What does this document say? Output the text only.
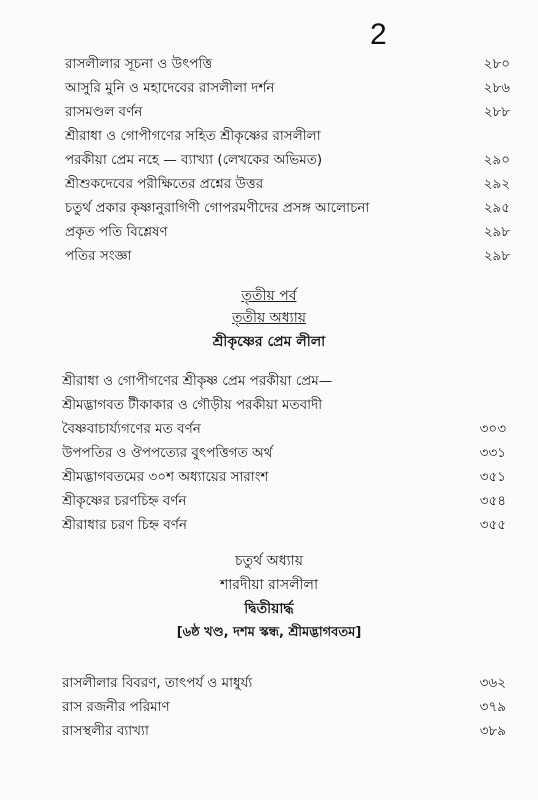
2
রাসলীলার সূচনা ও উৎপত্তি	২৮০
আসুরি মুনি ও মহাদেবের রাসলীলা দর্শন	২৮৬
রাসমণ্ডল বর্ণন	২৮৮
শ্রীরাধা ও গোপীগণের সহিত শ্রীকৃষ্ণের রাসলীলা
পরকীয়া প্রেম নহে — ব্যাখ্যা (লেখকের অভিমত)	২৯০
শ্রীশুকদেবের পরীক্ষিতের প্রশ্নের উত্তর	২৯২
চতুর্থ প্রকার কৃষ্ণানুরাগিণী গোপরমণীদের প্রসঙ্গ আলোচনা	২৯৫
প্রকৃত পতি বিশ্লেষণ	২৯৮
পতির সংজ্ঞা	২৯৮
তৃতীয় পর্ব
তৃতীয় অধ্যায়
শ্রীকৃষ্ণের প্রেম লীলা
শ্রীরাধা ও গোপীগণের শ্রীকৃষ্ণ প্রেম পরকীয়া প্রেম—
শ্রীমদ্ভাগবত টীকাকার ও গৌড়ীয় পরকীয়া মতবাদী
বৈষ্ণবাচার্য্যগণের মত বর্ণন	৩০৩
উপপতির ও ঔপপত্যের বুৎপত্তিগত অর্থ	৩৩১
শ্রীমদ্ভাগবতমের ৩০শ অধ্যায়ের সারাংশ	৩৫১
শ্রীকৃষ্ণের চরণচিহ্ন বর্ণন	৩৫৪
শ্রীরাধার চরণ চিহ্ন বর্ণন	৩৫৫
চতুর্থ অধ্যায়
শারদীয়া রাসলীলা
দ্বিতীয়ার্দ্ধ
[৬ষ্ঠ খণ্ড, দশম স্কন্ধ, শ্রীমদ্ভাগবতম]
রাসলীলার বিবরণ, তাৎপর্য ও মাধুর্য্য	৩৬২
রাস রজনীর পরিমাণ	৩৭৯
রাসস্থলীর ব্যাখ্যা	৩৮৯
